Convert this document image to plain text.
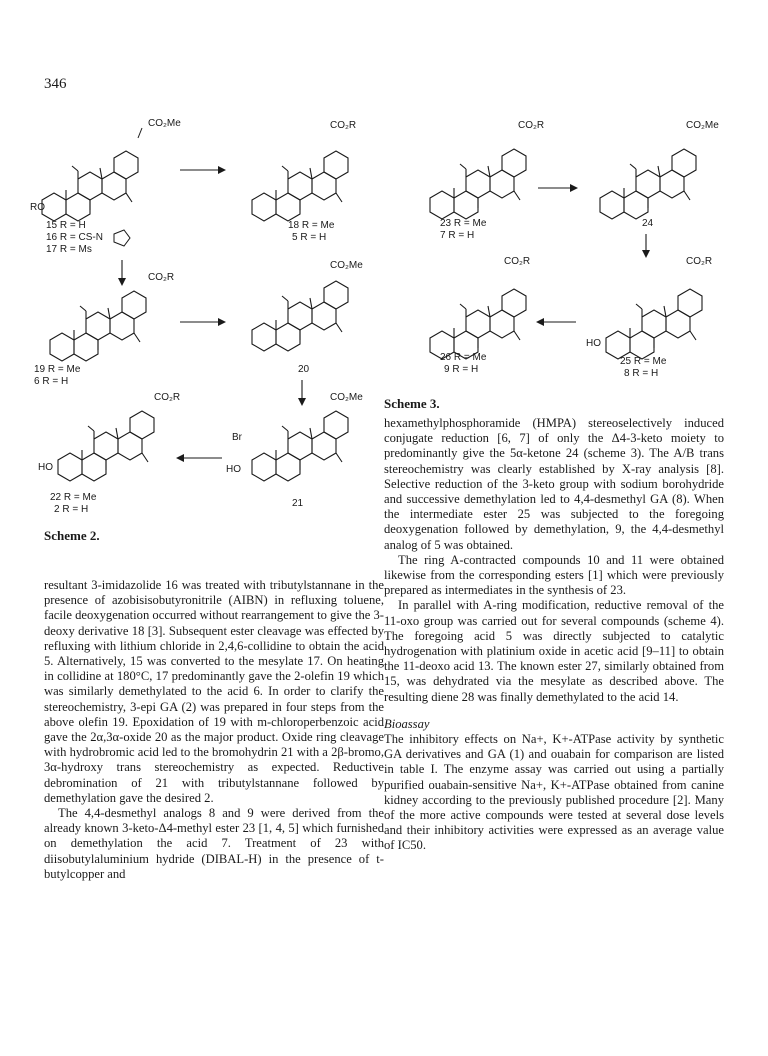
346
CO₂Me
RO
15 R = H
16 R = CS-N
17 R = Ms
CO₂R
18 R = Me
5 R = H
CO₂R
19 R = Me
6 R = H
CO₂Me
20
CO₂R
HO
22 R = Me
2 R = H
CO₂Me
Br
HO
21
Scheme 2.
CO₂R
23 R = Me
7 R = H
CO₂Me
24
CO₂R
26 R = Me
9 R = H
CO₂R
HO
25 R = Me
8 R = H
Scheme 3.

resultant 3-imidazolide 16 was treated with tributylstannane in the presence of azobisisobutyronitrile (AIBN) in refluxing toluene, facile deoxygenation occurred without rearrangement to give the 3-deoxy derivative 18 [3]. Subsequent ester cleavage was effected by refluxing with lithium chloride in 2,4,6-collidine to obtain the acid 5. Alternatively, 15 was converted to the mesylate 17. On heating in collidine at 180°C, 17 predominantly gave the 2-olefin 19 which was similarly demethylated to the acid 6. In order to clarify the stereochemistry, 3-epi GA (2) was prepared in four steps from the above olefin 19. Epoxidation of 19 with m-chloroperbenzoic acid gave the 2α,3α-oxide 20 as the major product. Oxide ring cleavage with hydrobromic acid led to the bromohydrin 21 with a 2β-bromo, 3α-hydroxy trans stereochemistry as expected. Reductive debromination of 21 with tributylstannane followed by demethylation gave the desired 2.

The 4,4-desmethyl analogs 8 and 9 were derived from the already known 3-keto-Δ4-methyl ester 23 [1, 4, 5] which furnished on demethylation the acid 7. Treatment of 23 with diisobutylaluminium hydride (DIBAL-H) in the presence of t-butylcopper and

hexamethylphosphoramide (HMPA) stereoselectively induced conjugate reduction [6, 7] of only the Δ4-3-keto moiety to predominantly give the 5α-ketone 24 (scheme 3). The A/B trans stereochemistry was clearly established by X-ray analysis [8]. Selective reduction of the 3-keto group with sodium borohydride and successive demethylation led to 4,4-desmethyl GA (8). When the intermediate ester 25 was subjected to the foregoing deoxygenation followed by demethylation, 9, the 4,4-desmethyl analog of 5 was obtained.

The ring A-contracted compounds 10 and 11 were obtained likewise from the corresponding esters [1] which were previously prepared as intermediates in the synthesis of 23.

In parallel with A-ring modification, reductive removal of the 11-oxo group was carried out for several compounds (scheme 4). The foregoing acid 5 was directly subjected to catalytic hydrogenation with platinium oxide in acetic acid [9–11] to obtain the 11-deoxo acid 13. The known ester 27, similarly obtained from 15, was dehydrated via the mesylate as described above. The resulting diene 28 was finally demethylated to the acid 14.

Bioassay

The inhibitory effects on Na+, K+-ATPase activity by synthetic GA derivatives and GA (1) and ouabain for comparison are listed in table I. The enzyme assay was carried out using a partially purified ouabain-sensitive Na+, K+-ATPase obtained from canine kidney according to the previously published procedure [2]. Many of the more active compounds were tested at several dose levels and their inhibitory activities were expressed as an average value of IC50.
